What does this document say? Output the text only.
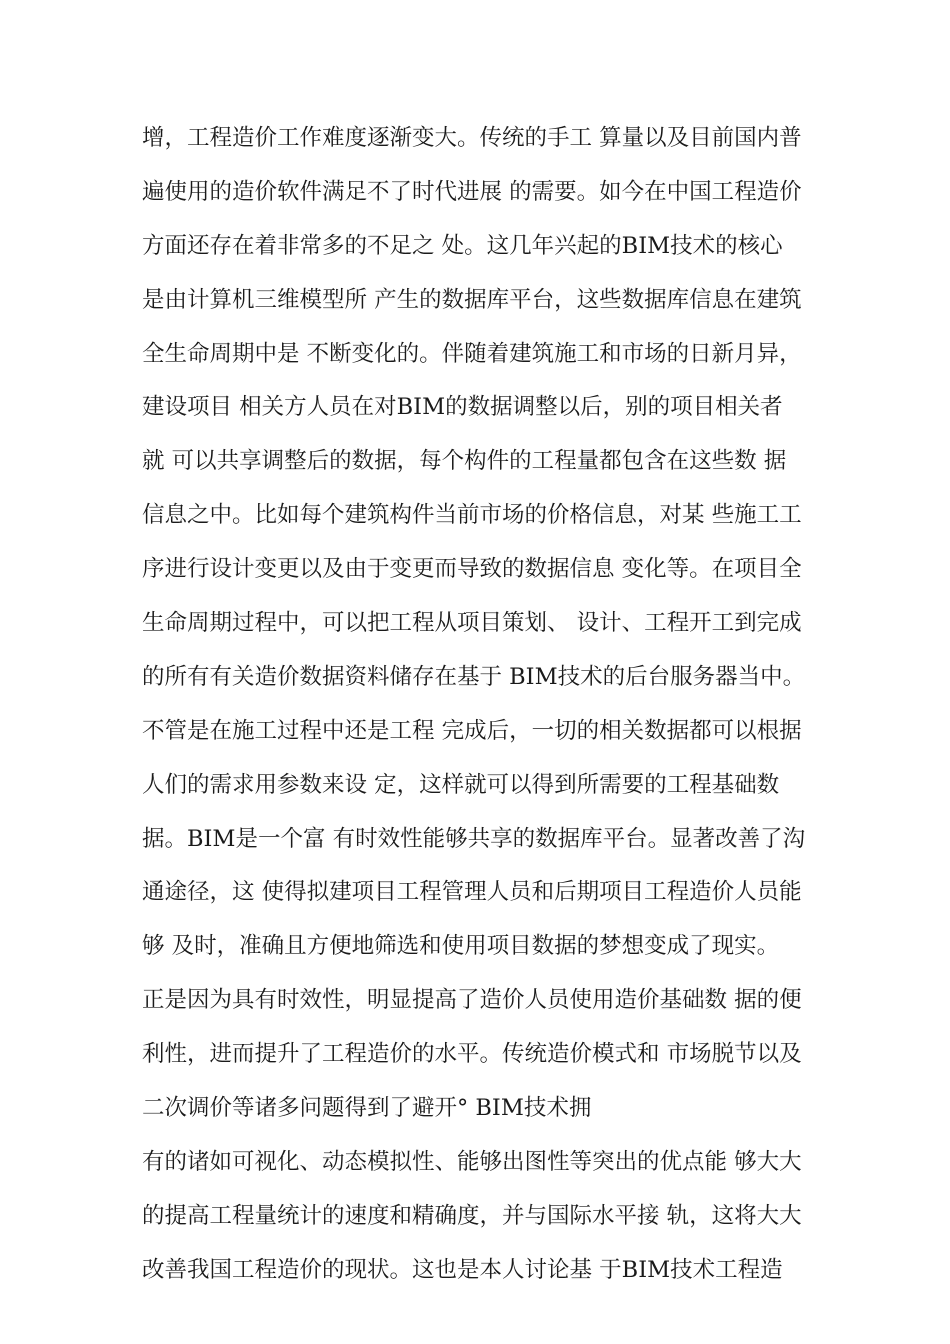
增，工程造价工作难度逐渐变大。传统的手工 算量以及目前国内普
遍使用的造价软件满足不了时代进展 的需要。如今在中国工程造价
方面还存在着非常多的不足之 处。这几年兴起的BIM技术的核心
是由计算机三维模型所 产生的数据库平台，这些数据库信息在建筑
全生命周期中是 不断变化的。伴随着建筑施工和市场的日新月异，
建设项目 相关方人员在对BIM的数据调整以后，别的项目相关者
就 可以共享调整后的数据，每个构件的工程量都包含在这些数 据
信息之中。比如每个建筑构件当前市场的价格信息，对某 些施工工
序进行设计变更以及由于变更而导致的数据信息 变化等。在项目全
生命周期过程中，可以把工程从项目策划、 设计、工程开工到完成
的所有有关造价数据资料储存在基于 BIM技术的后台服务器当中。
不管是在施工过程中还是工程 完成后，一切的相关数据都可以根据
人们的需求用参数来设 定，这样就可以得到所需要的工程基础数
据。BIM是一个富 有时效性能够共享的数据库平台。显著改善了沟
通途径，这 使得拟建项目工程管理人员和后期项目工程造价人员能
够 及时，准确且方便地筛选和使用项目数据的梦想变成了现实。
正是因为具有时效性，明显提高了造价人员使用造价基础数 据的便
利性，进而提升了工程造价的水平。传统造价模式和 市场脱节以及
二次调价等诸多问题得到了避开° BIM技术拥
有的诸如可视化、动态模拟性、能够出图性等突出的优点能 够大大
的提高工程量统计的速度和精确度，并与国际水平接 轨，这将大大
改善我国工程造价的现状。这也是本人讨论基 于BIM技术工程造
